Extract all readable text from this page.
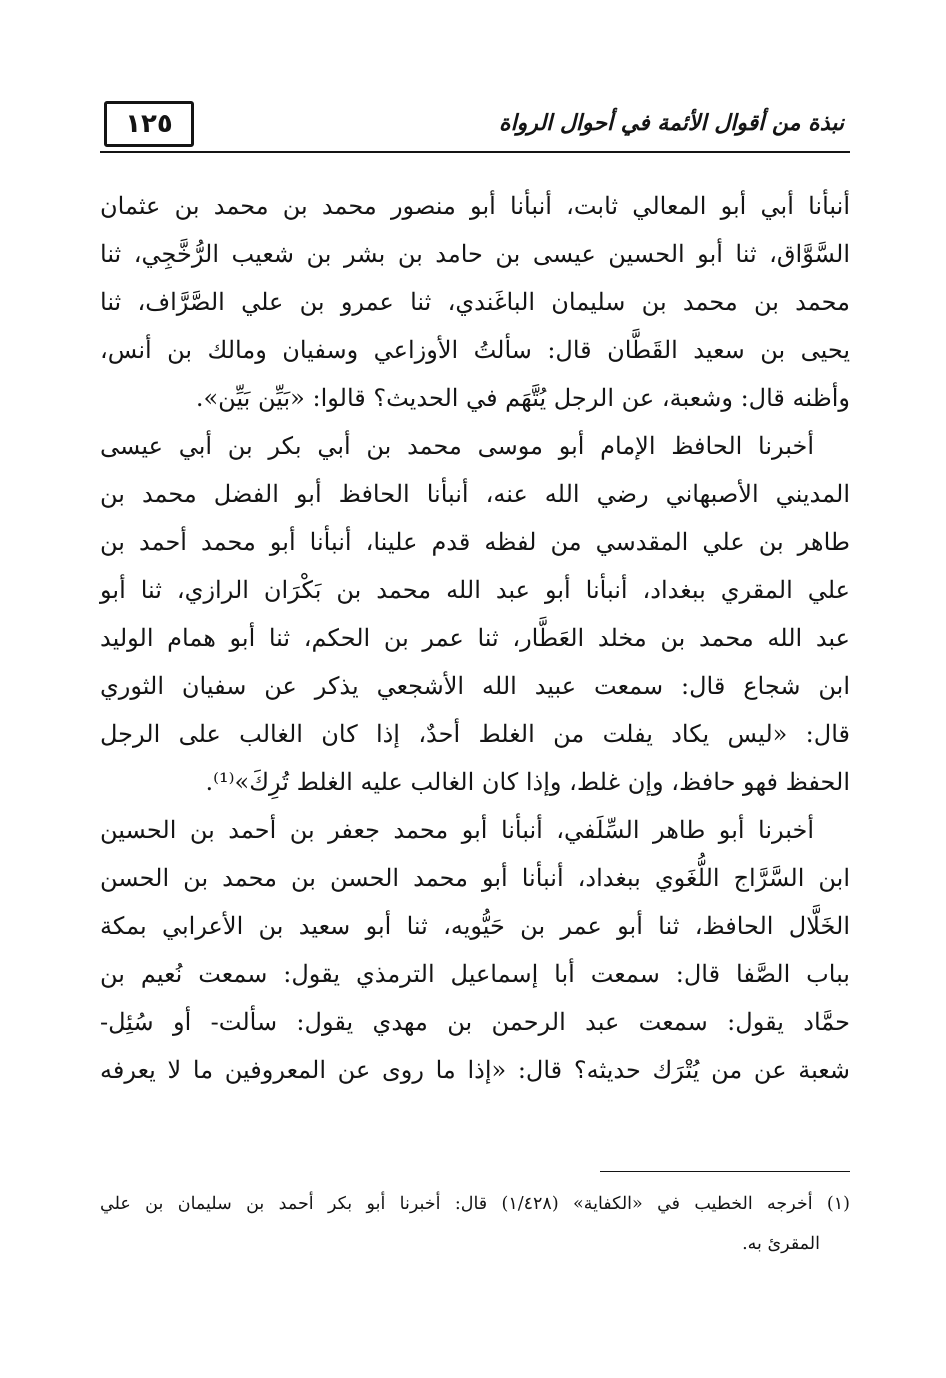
نبذة من أقوال الأئمة في أحوال الرواة
١٢٥
أنبأنا أبي أبو المعالي ثابت، أنبأنا أبو منصور محمد بن محمد بن عثمان
السَّوَّاق، ثنا أبو الحسين عيسى بن حامد بن بشر بن شعيب الرُّخَّجِي، ثنا
محمد بن محمد بن سليمان الباغَندي، ثنا عمرو بن علي الصَّرَّاف، ثنا
يحيى بن سعيد القَطَّان قال: سألتُ الأوزاعي وسفيان ومالك بن أنس،
وأظنه قال: وشعبة، عن الرجل يُتَّهَم في الحديث؟ قالوا: «بَيِّن بَيِّن».
أخبرنا الحافظ الإمام أبو موسى محمد بن أبي بكر بن أبي عيسى
المديني الأصبهاني رضي الله عنه، أنبأنا الحافظ أبو الفضل محمد بن
طاهر بن علي المقدسي من لفظه قدم علينا، أنبأنا أبو محمد أحمد بن
علي المقري ببغداد، أنبأنا أبو عبد الله محمد بن بَكْرَان الرازي، ثنا أبو
عبد الله محمد بن مخلد العَطَّار، ثنا عمر بن الحكم، ثنا أبو همام الوليد
ابن شجاع قال: سمعت عبيد الله الأشجعي يذكر عن سفيان الثوري
قال: «ليس يكاد يفلت من الغلط أحدٌ، إذا كان الغالب على الرجل
الحفظ فهو حافظ، وإن غلط، وإذا كان الغالب عليه الغلط تُرِكَ»⁽¹⁾.
أخبرنا أبو طاهر السِّلَفي، أنبأنا أبو محمد جعفر بن أحمد بن الحسين
ابن السَّرَّاج اللُّغَوي ببغداد، أنبأنا أبو محمد الحسن بن محمد بن الحسن
الخَلَّال الحافظ، ثنا أبو عمر بن حَيُّويه، ثنا أبو سعيد بن الأعرابي بمكة
بباب الصَّفا قال: سمعت أبا إسماعيل الترمذي يقول: سمعت نُعيم بن
حمَّاد يقول: سمعت عبد الرحمن بن مهدي يقول: سألت- أو سُئِل-
شعبة عن من يُتْرَك حديثه؟ قال: «إذا ما روى عن المعروفين ما لا يعرفه
(١) أخرجه الخطيب في «الكفاية» (١/٤٢٨) قال: أخبرنا أبو بكر أحمد بن سليمان بن علي
المقرئ به.
